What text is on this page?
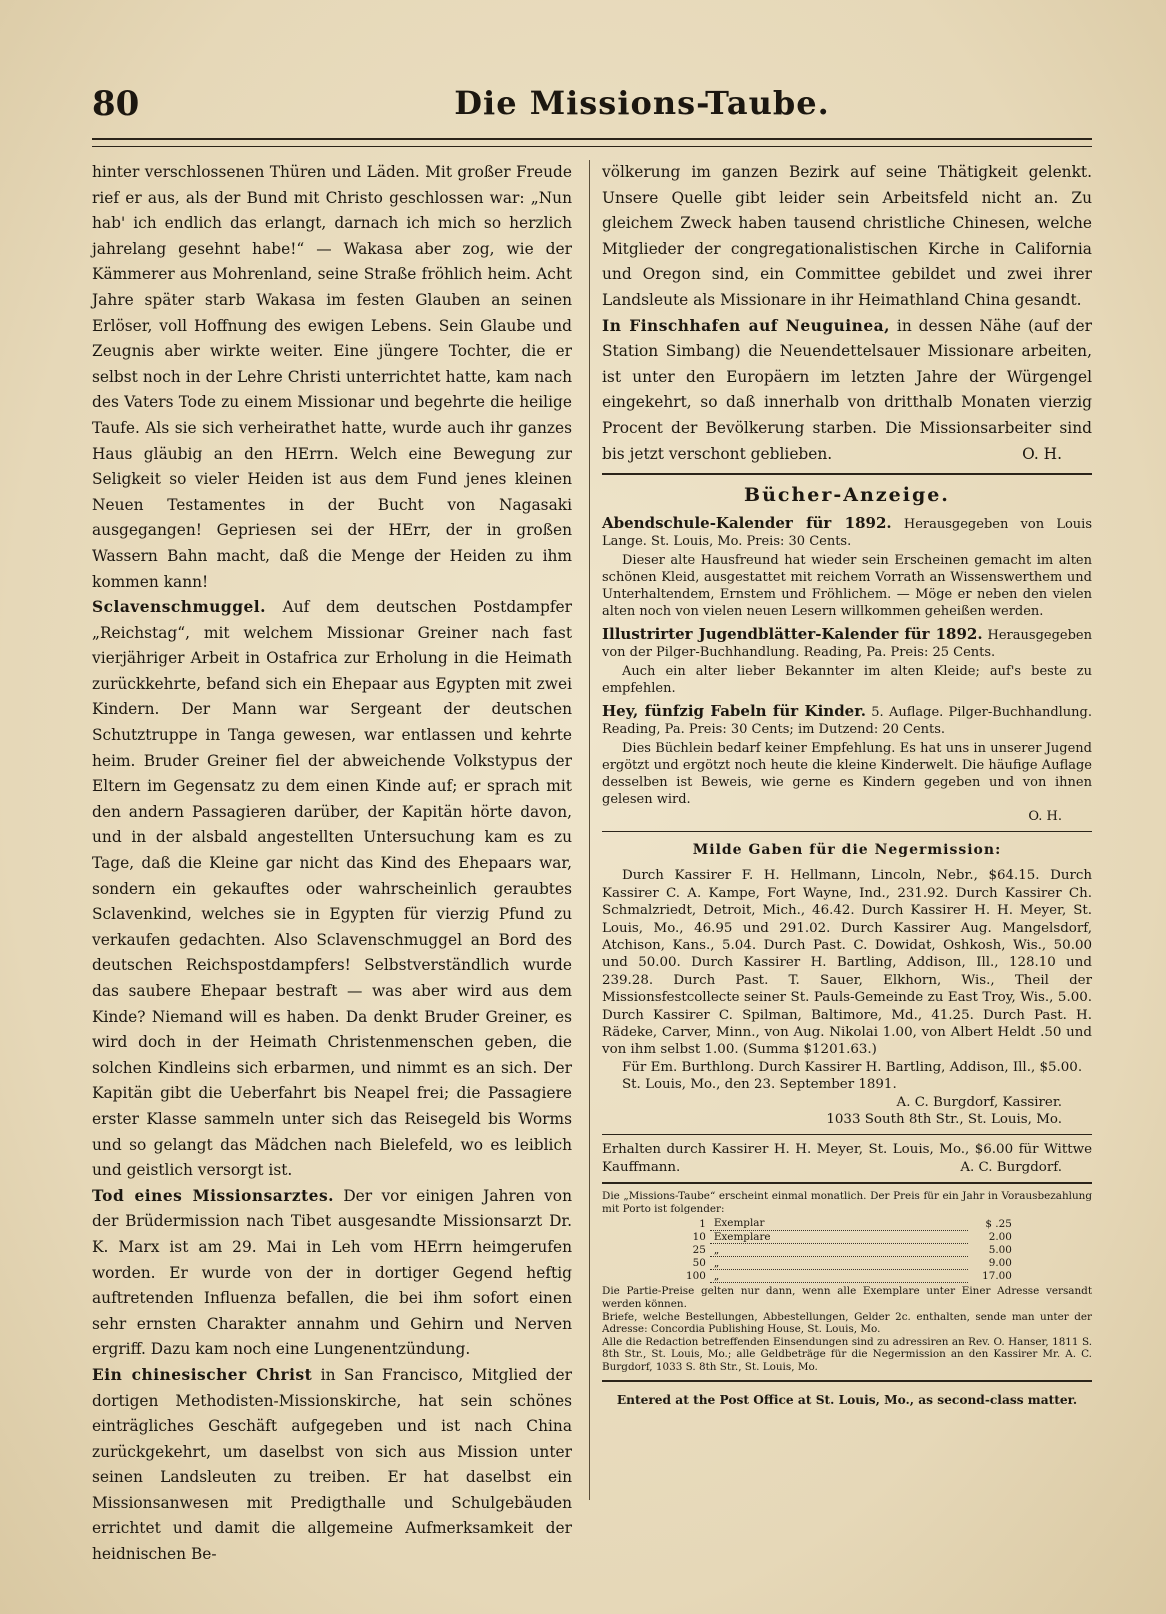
80	Die Missions-Taube.

hinter verschlossenen Thüren und Läden. Mit großer Freude rief er aus, als der Bund mit Christo geschlossen war: „Nun hab' ich endlich das erlangt, darnach ich mich so herzlich jahrelang gesehnt habe!“ — Wakasa aber zog, wie der Kämmerer aus Mohrenland, seine Straße fröhlich heim. Acht Jahre später starb Wakasa im festen Glauben an seinen Erlöser, voll Hoffnung des ewigen Lebens. Sein Glaube und Zeugnis aber wirkte weiter. Eine jüngere Tochter, die er selbst noch in der Lehre Christi unterrichtet hatte, kam nach des Vaters Tode zu einem Missionar und begehrte die heilige Taufe. Als sie sich verheirathet hatte, wurde auch ihr ganzes Haus gläubig an den HErrn. Welch eine Bewegung zur Seligkeit so vieler Heiden ist aus dem Fund jenes kleinen Neuen Testamentes in der Bucht von Nagasaki ausgegangen! Gepriesen sei der HErr, der in großen Wassern Bahn macht, daß die Menge der Heiden zu ihm kommen kann!

Sclavenschmuggel. Auf dem deutschen Postdampfer „Reichstag“, mit welchem Missionar Greiner nach fast vierjähriger Arbeit in Ostafrica zur Erholung in die Heimath zurückkehrte, befand sich ein Ehepaar aus Egypten mit zwei Kindern. Der Mann war Sergeant der deutschen Schutztruppe in Tanga gewesen, war entlassen und kehrte heim. Bruder Greiner fiel der abweichende Volkstypus der Eltern im Gegensatz zu dem einen Kinde auf; er sprach mit den andern Passagieren darüber, der Kapitän hörte davon, und in der alsbald angestellten Untersuchung kam es zu Tage, daß die Kleine gar nicht das Kind des Ehepaars war, sondern ein gekauftes oder wahrscheinlich geraubtes Sclavenkind, welches sie in Egypten für vierzig Pfund zu verkaufen gedachten. Also Sclavenschmuggel an Bord des deutschen Reichspostdampfers! Selbstverständlich wurde das saubere Ehepaar bestraft — was aber wird aus dem Kinde? Niemand will es haben. Da denkt Bruder Greiner, es wird doch in der Heimath Christenmenschen geben, die solchen Kindleins sich erbarmen, und nimmt es an sich. Der Kapitän gibt die Ueberfahrt bis Neapel frei; die Passagiere erster Klasse sammeln unter sich das Reisegeld bis Worms und so gelangt das Mädchen nach Bielefeld, wo es leiblich und geistlich versorgt ist.

Tod eines Missionsarztes. Der vor einigen Jahren von der Brüdermission nach Tibet ausgesandte Missionsarzt Dr. K. Marx ist am 29. Mai in Leh vom HErrn heimgerufen worden. Er wurde von der in dortiger Gegend heftig auftretenden Influenza befallen, die bei ihm sofort einen sehr ernsten Charakter annahm und Gehirn und Nerven ergriff. Dazu kam noch eine Lungenentzündung.

Ein chinesischer Christ in San Francisco, Mitglied der dortigen Methodisten-Missionskirche, hat sein schönes einträgliches Geschäft aufgegeben und ist nach China zurückgekehrt, um daselbst von sich aus Mission unter seinen Landsleuten zu treiben. Er hat daselbst ein Missionsanwesen mit Predigthalle und Schulgebäuden errichtet und damit die allgemeine Aufmerksamkeit der heidnischen Be-

völkerung im ganzen Bezirk auf seine Thätigkeit gelenkt. Unsere Quelle gibt leider sein Arbeitsfeld nicht an. Zu gleichem Zweck haben tausend christliche Chinesen, welche Mitglieder der congregationalistischen Kirche in California und Oregon sind, ein Committee gebildet und zwei ihrer Landsleute als Missionare in ihr Heimathland China gesandt.

In Finschhafen auf Neuguinea, in dessen Nähe (auf der Station Simbang) die Neuendettelsauer Missionare arbeiten, ist unter den Europäern im letzten Jahre der Würgengel eingekehrt, so daß innerhalb von dritthalb Monaten vierzig Procent der Bevölkerung starben. Die Missionsarbeiter sind bis jetzt verschont geblieben.	O. H.

Bücher-Anzeige.
Abendschule-Kalender für 1892. Herausgegeben von Louis Lange. St. Louis, Mo. Preis: 30 Cents.
Dieser alte Hausfreund hat wieder sein Erscheinen gemacht im alten schönen Kleid, ausgestattet mit reichem Vorrath an Wissenswerthem und Unterhaltendem, Ernstem und Fröhlichem. — Möge er neben den vielen alten noch von vielen neuen Lesern willkommen geheißen werden.
Illustrirter Jugendblätter-Kalender für 1892. Herausgegeben von der Pilger-Buchhandlung. Reading, Pa. Preis: 25 Cents.
Auch ein alter lieber Bekannter im alten Kleide; auf's beste zu empfehlen.
Hey, fünfzig Fabeln für Kinder. 5. Auflage. Pilger-Buchhandlung. Reading, Pa. Preis: 30 Cents; im Dutzend: 20 Cents.
Dies Büchlein bedarf keiner Empfehlung. Es hat uns in unserer Jugend ergötzt und ergötzt noch heute die kleine Kinderwelt. Die häufige Auflage desselben ist Beweis, wie gerne es Kindern gegeben und von ihnen gelesen wird.
O. H.
Milde Gaben für die Negermission:
Durch Kassirer F. H. Hellmann, Lincoln, Nebr., $64.15. Durch Kassirer C. A. Kampe, Fort Wayne, Ind., 231.92. Durch Kassirer Ch. Schmalzriedt, Detroit, Mich., 46.42. Durch Kassirer H. H. Meyer, St. Louis, Mo., 46.95 und 291.02. Durch Kassirer Aug. Mangelsdorf, Atchison, Kans., 5.04. Durch Past. C. Dowidat, Oshkosh, Wis., 50.00 und 50.00. Durch Kassirer H. Bartling, Addison, Ill., 128.10 und 239.28. Durch Past. T. Sauer, Elkhorn, Wis., Theil der Missionsfestcollecte seiner St. Pauls-Gemeinde zu East Troy, Wis., 5.00. Durch Kassirer C. Spilman, Baltimore, Md., 41.25. Durch Past. H. Rädeke, Carver, Minn., von Aug. Nikolai 1.00, von Albert Heldt .50 und von ihm selbst 1.00. (Summa $1201.63.)
Für Em. Burthlong. Durch Kassirer H. Bartling, Addison, Ill., $5.00.
St. Louis, Mo., den 23. September 1891.
A. C. Burgdorf, Kassirer.
1033 South 8th Str., St. Louis, Mo.
Erhalten durch Kassirer H. H. Meyer, St. Louis, Mo., $6.00 für Wittwe Kauffmann.	A. C. Burgdorf.
Die „Missions-Taube“ erscheint einmal monatlich. Der Preis für ein Jahr in Vorausbezahlung mit Porto ist folgender:
1	Exemplar	$ .25
10	Exemplare	2.00
25	„	5.00
50	„	9.00
100	„	17.00
Die Partie-Preise gelten nur dann, wenn alle Exemplare unter Einer Adresse versandt werden können.
Briefe, welche Bestellungen, Abbestellungen, Gelder 2c. enthalten, sende man unter der Adresse: Concordia Publishing House, St. Louis, Mo.
Alle die Redaction betreffenden Einsendungen sind zu adressiren an Rev. O. Hanser, 1811 S. 8th Str., St. Louis, Mo.; alle Geldbeträge für die Negermission an den Kassirer Mr. A. C. Burgdorf, 1033 S. 8th Str., St. Louis, Mo.
Entered at the Post Office at St. Louis, Mo., as second-class matter.
